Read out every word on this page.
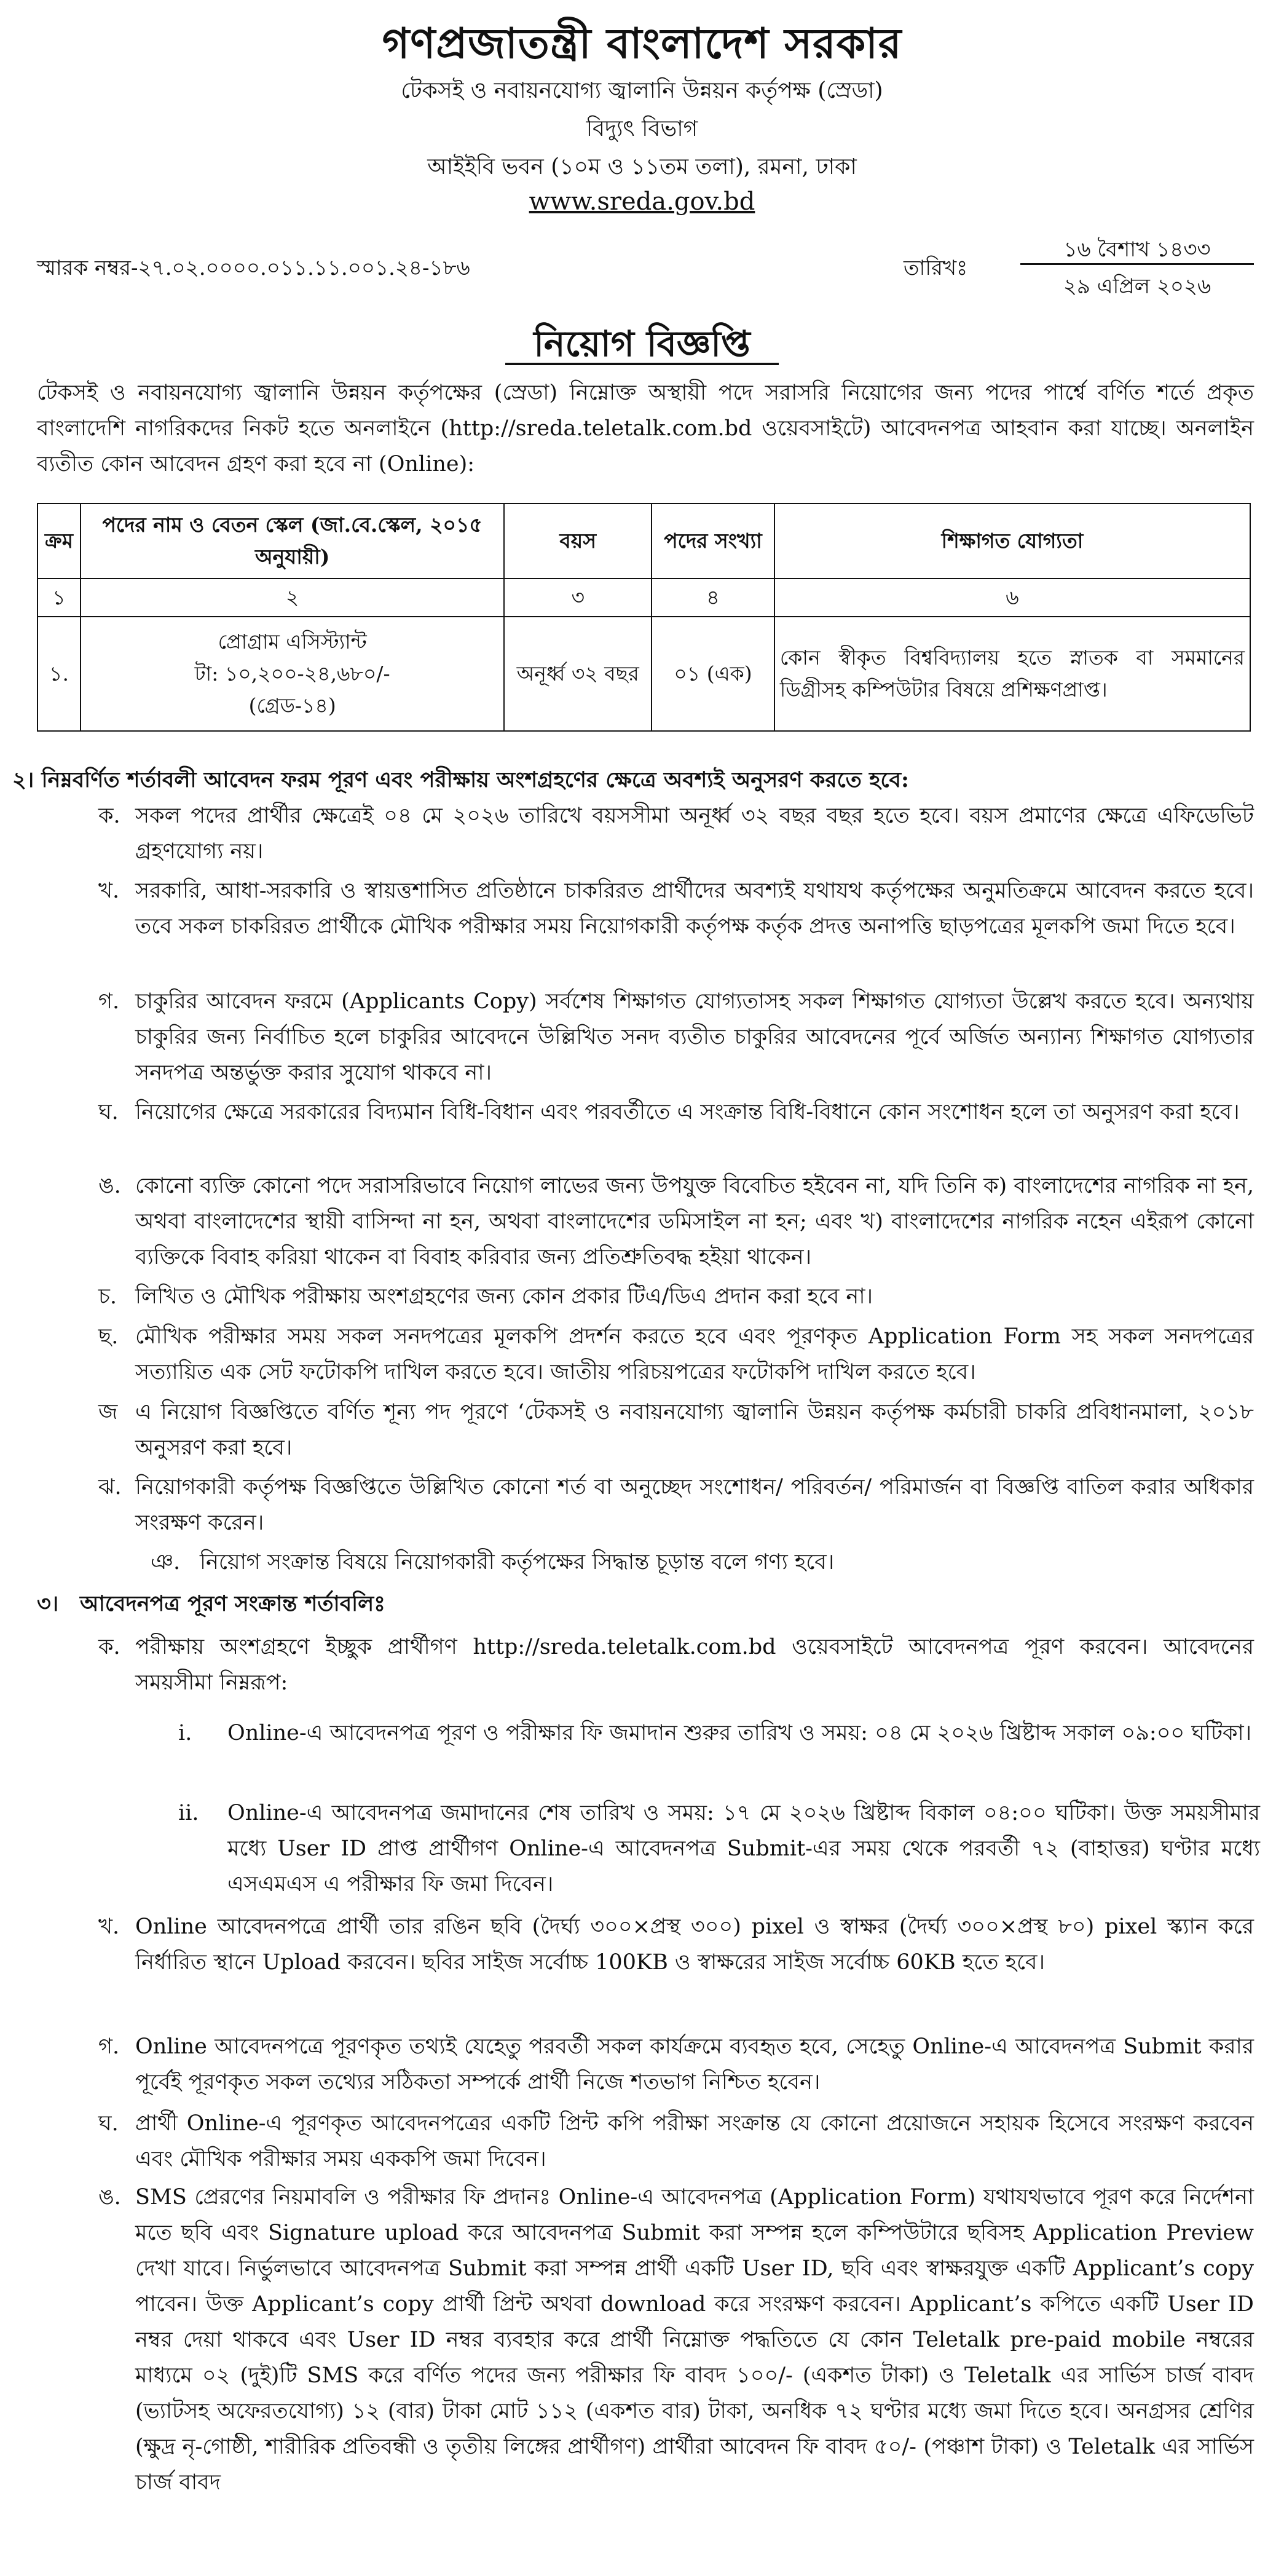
গণপ্রজাতন্ত্রী বাংলাদেশ সরকার
টেকসই ও নবায়নযোগ্য জ্বালানি উন্নয়ন কর্তৃপক্ষ (স্রেডা)
বিদ্যুৎ বিভাগ
আইইবি ভবন (১০ম ও ১১তম তলা), রমনা, ঢাকা
www.sreda.gov.bd
স্মারক নম্বর-২৭.০২.০০০০.০১১.১১.০০১.২৪-১৮৬	তারিখঃ
১৬ বৈশাখ ১৪৩৩
২৯ এপ্রিল ২০২৬
নিয়োগ বিজ্ঞপ্তি
টেকসই ও নবায়নযোগ্য জ্বালানি উন্নয়ন কর্তৃপক্ষের (স্রেডা) নিম্নোক্ত অস্থায়ী পদে সরাসরি নিয়োগের জন্য পদের পার্শ্বে বর্ণিত শর্তে প্রকৃত বাংলাদেশি নাগরিকদের নিকট হতে অনলাইনে (http://sreda.teletalk.com.bd ওয়েবসাইটে) আবেদনপত্র আহবান করা যাচ্ছে। অনলাইন ব্যতীত কোন আবেদন গ্রহণ করা হবে না (Online):
ক্রম	পদের নাম ও বেতন স্কেল (জা.বে.স্কেল, ২০১৫ অনুযায়ী)	বয়স	পদের সংখ্যা	শিক্ষাগত যোগ্যতা
১	২	৩	৪	৬
১.	প্রোগ্রাম এসিস্ট্যান্ট
টা: ১০,২০০-২৪,৬৮০/-
(গ্রেড-১৪)	অনূর্ধ্ব ৩২ বছর	০১ (এক)	কোন স্বীকৃত বিশ্ববিদ্যালয় হতে স্নাতক বা সমমানের ডিগ্রীসহ কম্পিউটার বিষয়ে প্রশিক্ষণপ্রাপ্ত।
২। নিম্নবর্ণিত শর্তাবলী আবেদন ফরম পূরণ এবং পরীক্ষায় অংশগ্রহণের ক্ষেত্রে অবশ্যই অনুসরণ করতে হবে:
ক. সকল পদের প্রার্থীর ক্ষেত্রেই ০৪ মে ২০২৬ তারিখে বয়সসীমা অনূর্ধ্ব ৩২ বছর বছর হতে হবে। বয়স প্রমাণের ক্ষেত্রে এফিডেভিট গ্রহণযোগ্য নয়।
খ. সরকারি, আধা-সরকারি ও স্বায়ত্তশাসিত প্রতিষ্ঠানে চাকরিরত প্রার্থীদের অবশ্যই যথাযথ কর্তৃপক্ষের অনুমতিক্রমে আবেদন করতে হবে। তবে সকল চাকরিরত প্রার্থীকে মৌখিক পরীক্ষার সময় নিয়োগকারী কর্তৃপক্ষ কর্তৃক প্রদত্ত অনাপত্তি ছাড়পত্রের মূলকপি জমা দিতে হবে।
গ. চাকুরির আবেদন ফরমে (Applicants Copy) সর্বশেষ শিক্ষাগত যোগ্যতাসহ সকল শিক্ষাগত যোগ্যতা উল্লেখ করতে হবে। অন্যথায় চাকুরির জন্য নির্বাচিত হলে চাকুরির আবেদনে উল্লিখিত সনদ ব্যতীত চাকুরির আবেদনের পূর্বে অর্জিত অন্যান্য শিক্ষাগত যোগ্যতার সনদপত্র অন্তর্ভুক্ত করার সুযোগ থাকবে না।
ঘ. নিয়োগের ক্ষেত্রে সরকারের বিদ্যমান বিধি-বিধান এবং পরবর্তীতে এ সংক্রান্ত বিধি-বিধানে কোন সংশোধন হলে তা অনুসরণ করা হবে।
ঙ. কোনো ব্যক্তি কোনো পদে সরাসরিভাবে নিয়োগ লাভের জন্য উপযুক্ত বিবেচিত হইবেন না, যদি তিনি ক) বাংলাদেশের নাগরিক না হন, অথবা বাংলাদেশের স্থায়ী বাসিন্দা না হন, অথবা বাংলাদেশের ডমিসাইল না হন; এবং খ) বাংলাদেশের নাগরিক নহেন এইরূপ কোনো ব্যক্তিকে বিবাহ করিয়া থাকেন বা বিবাহ করিবার জন্য প্রতিশ্রুতিবদ্ধ হইয়া থাকেন।
চ. লিখিত ও মৌখিক পরীক্ষায় অংশগ্রহণের জন্য কোন প্রকার টিএ/ডিএ প্রদান করা হবে না।
ছ. মৌখিক পরীক্ষার সময় সকল সনদপত্রের মূলকপি প্রদর্শন করতে হবে এবং পূরণকৃত Application Form সহ সকল সনদপত্রের সত্যায়িত এক সেট ফটোকপি দাখিল করতে হবে। জাতীয় পরিচয়পত্রের ফটোকপি দাখিল করতে হবে।
জ এ নিয়োগ বিজ্ঞপ্তিতে বর্ণিত শূন্য পদ পূরণে ‘টেকসই ও নবায়নযোগ্য জ্বালানি উন্নয়ন কর্তৃপক্ষ কর্মচারী চাকরি প্রবিধানমালা, ২০১৮ অনুসরণ করা হবে।
ঝ. নিয়োগকারী কর্তৃপক্ষ বিজ্ঞপ্তিতে উল্লিখিত কোনো শর্ত বা অনুচ্ছেদ সংশোধন/ পরিবর্তন/ পরিমার্জন বা বিজ্ঞপ্তি বাতিল করার অধিকার সংরক্ষণ করেন।
ঞ. নিয়োগ সংক্রান্ত বিষয়ে নিয়োগকারী কর্তৃপক্ষের সিদ্ধান্ত চূড়ান্ত বলে গণ্য হবে।
৩। আবেদনপত্র পূরণ সংক্রান্ত শর্তাবলিঃ
ক. পরীক্ষায় অংশগ্রহণে ইচ্ছুক প্রার্থীগণ http://sreda.teletalk.com.bd ওয়েবসাইটে আবেদনপত্র পূরণ করবেন। আবেদনের সময়সীমা নিম্নরূপ:
i. Online-এ আবেদনপত্র পূরণ ও পরীক্ষার ফি জমাদান শুরুর তারিখ ও সময়: ০৪ মে ২০২৬ খ্রিষ্টাব্দ সকাল ০৯:০০ ঘটিকা।
ii. Online-এ আবেদনপত্র জমাদানের শেষ তারিখ ও সময়: ১৭ মে ২০২৬ খ্রিষ্টাব্দ বিকাল ০৪:০০ ঘটিকা। উক্ত সময়সীমার মধ্যে User ID প্রাপ্ত প্রার্থীগণ Online-এ আবেদনপত্র Submit-এর সময় থেকে পরবর্তী ৭২ (বাহাত্তর) ঘণ্টার মধ্যে এসএমএস এ পরীক্ষার ফি জমা দিবেন।
খ. Online আবেদনপত্রে প্রার্থী তার রঙিন ছবি (দৈর্ঘ্য ৩০০×প্রস্থ ৩০০) pixel ও স্বাক্ষর (দৈর্ঘ্য ৩০০×প্রস্থ ৮০) pixel স্ক্যান করে নির্ধারিত স্থানে Upload করবেন। ছবির সাইজ সর্বোচ্চ 100KB ও স্বাক্ষরের সাইজ সর্বোচ্চ 60KB হতে হবে।
গ. Online আবেদনপত্রে পূরণকৃত তথ্যই যেহেতু পরবর্তী সকল কার্যক্রমে ব্যবহৃত হবে, সেহেতু Online-এ আবেদনপত্র Submit করার পূর্বেই পূরণকৃত সকল তথ্যের সঠিকতা সম্পর্কে প্রার্থী নিজে শতভাগ নিশ্চিত হবেন।
ঘ. প্রার্থী Online-এ পূরণকৃত আবেদনপত্রের একটি প্রিন্ট কপি পরীক্ষা সংক্রান্ত যে কোনো প্রয়োজনে সহায়ক হিসেবে সংরক্ষণ করবেন এবং মৌখিক পরীক্ষার সময় এককপি জমা দিবেন।
ঙ. SMS প্রেরণের নিয়মাবলি ও পরীক্ষার ফি প্রদানঃ Online-এ আবেদনপত্র (Application Form) যথাযথভাবে পূরণ করে নির্দেশনা মতে ছবি এবং Signature upload করে আবেদনপত্র Submit করা সম্পন্ন হলে কম্পিউটারে ছবিসহ Application Preview দেখা যাবে। নির্ভুলভাবে আবেদনপত্র Submit করা সম্পন্ন প্রার্থী একটি User ID, ছবি এবং স্বাক্ষরযুক্ত একটি Applicant’s copy পাবেন। উক্ত Applicant’s copy প্রার্থী প্রিন্ট অথবা download করে সংরক্ষণ করবেন। Applicant’s কপিতে একটি User ID নম্বর দেয়া থাকবে এবং User ID নম্বর ব্যবহার করে প্রার্থী নিম্নোক্ত পদ্ধতিতে যে কোন Teletalk pre-paid mobile নম্বরের মাধ্যমে ০২ (দুই)টি SMS করে বর্ণিত পদের জন্য পরীক্ষার ফি বাবদ ১০০/- (একশত টাকা) ও Teletalk এর সার্ভিস চার্জ বাবদ (ভ্যাটসহ অফেরতযোগ্য) ১২ (বার) টাকা মোট ১১২ (একশত বার) টাকা, অনধিক ৭২ ঘণ্টার মধ্যে জমা দিতে হবে। অনগ্রসর শ্রেণির (ক্ষুদ্র নৃ-গোষ্ঠী, শারীরিক প্রতিবন্ধী ও তৃতীয় লিঙ্গের প্রার্থীগণ) প্রার্থীরা আবেদন ফি বাবদ ৫০/- (পঞ্চাশ টাকা) ও Teletalk এর সার্ভিস চার্জ বাবদ
